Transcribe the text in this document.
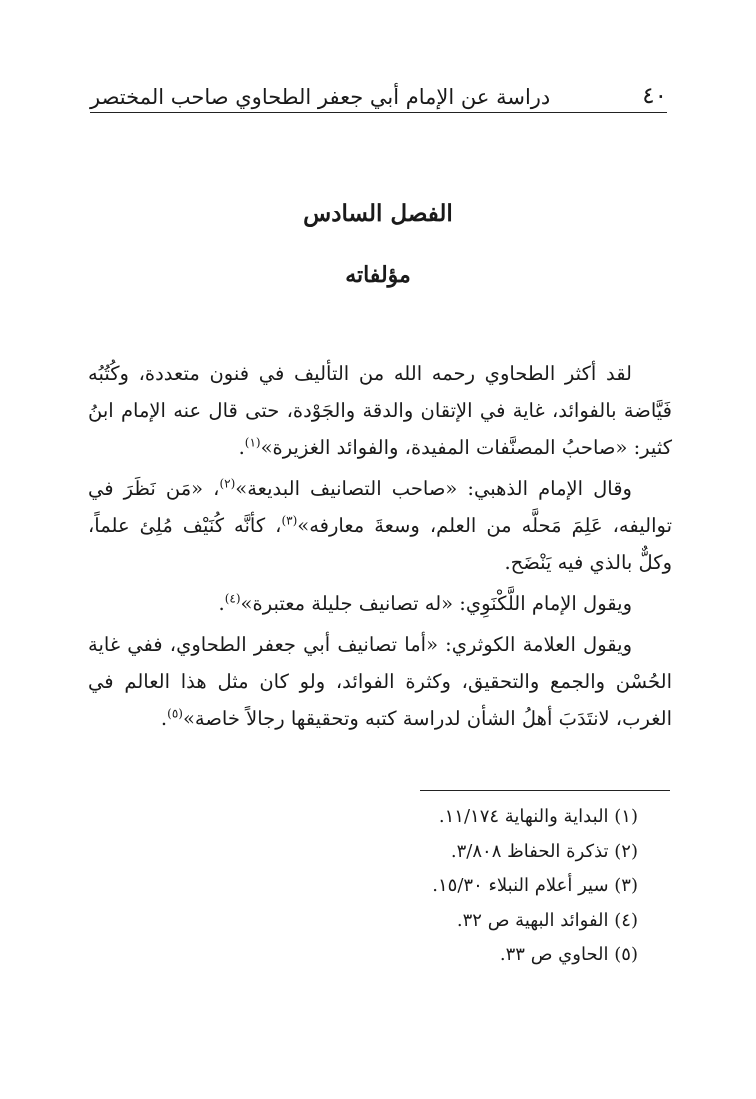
٤٠
دراسة عن الإمام أبي جعفر الطحاوي صاحب المختصر
الفصل السادس
مؤلفاته

لقد أكثر الطحاوي رحمه الله من التأليف في فنون متعددة، وكُتُبُه فَيَّاضة بالفوائد، غاية في الإتقان والدقة والجَوْدة، حتى قال عنه الإمام ابنُ كثير: «صاحبُ المصنَّفات المفيدة، والفوائد الغزيرة»$^{(١)}$.

وقال الإمام الذهبي: «صاحب التصانيف البديعة»$^{(٢)}$، «مَن نَظَرَ في تواليفه، عَلِمَ مَحلَّه من العلم، وسعةَ معارفه»$^{(٣)}$، كأنَّه كُنَيْف مُلِئ علماً، وكلٌّ بالذي فيه يَنْضَح.

ويقول الإمام اللَّكْنَوِي: «له تصانيف جليلة معتبرة»$^{(٤)}$.

ويقول العلامة الكوثري: «أما تصانيف أبي جعفر الطحاوي، ففي غاية الحُسْن والجمع والتحقيق، وكثرة الفوائد، ولو كان مثل هذا العالم في الغرب، لانتَدَبَ أهلُ الشأن لدراسة كتبه وتحقيقها رجالاً خاصة»$^{(٥)}$.

(١) البداية والنهاية ١١/١٧٤.
(٢) تذكرة الحفاظ ٣/٨٠٨.
(٣) سير أعلام النبلاء ١٥/٣٠.
(٤) الفوائد البهية ص ٣٢.
(٥) الحاوي ص ٣٣.
